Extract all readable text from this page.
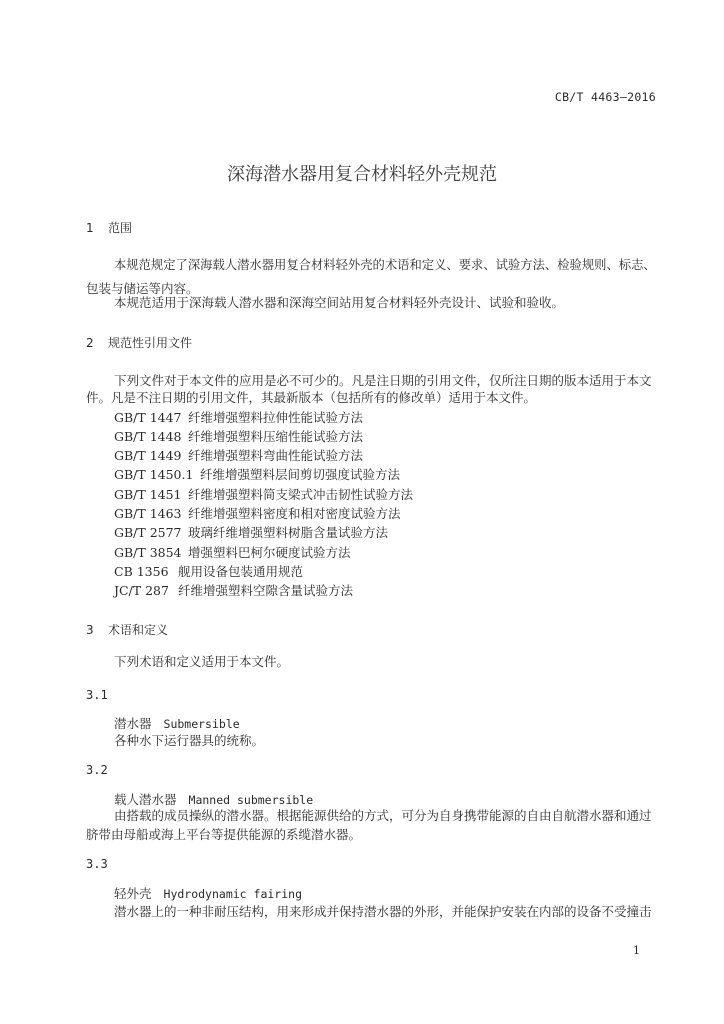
CB/T 4463—2016
深海潜水器用复合材料轻外壳规范
1 范围
本规范规定了深海载人潜水器用复合材料轻外壳的术语和定义、要求、试验方法、检验规则、标志、
包装与储运等内容。
本规范适用于深海载人潜水器和深海空间站用复合材料轻外壳设计、试验和验收。
2 规范性引用文件
下列文件对于本文件的应用是必不可少的。凡是注日期的引用文件，仅所注日期的版本适用于本文
件。凡是不注日期的引用文件，其最新版本（包括所有的修改单）适用于本文件。
GB/T 1447 纤维增强塑料拉伸性能试验方法
GB/T 1448 纤维增强塑料压缩性能试验方法
GB/T 1449 纤维增强塑料弯曲性能试验方法
GB/T 1450.1 纤维增强塑料层间剪切强度试验方法
GB/T 1451 纤维增强塑料简支梁式冲击韧性试验方法
GB/T 1463 纤维增强塑料密度和相对密度试验方法
GB/T 2577 玻璃纤维增强塑料树脂含量试验方法
GB/T 3854 增强塑料巴柯尔硬度试验方法
CB 1356 舰用设备包装通用规范
JC/T 287 纤维增强塑料空隙含量试验方法
3 术语和定义
下列术语和定义适用于本文件。
3.1
潜水器 Submersible
各种水下运行器具的统称。
3.2
载人潜水器 Manned submersible
由搭载的成员操纵的潜水器。根据能源供给的方式，可分为自身携带能源的自由自航潜水器和通过
脐带由母船或海上平台等提供能源的系缆潜水器。
3.3
轻外壳 Hydrodynamic fairing
潜水器上的一种非耐压结构，用来形成并保持潜水器的外形，并能保护安装在内部的设备不受撞击
1
